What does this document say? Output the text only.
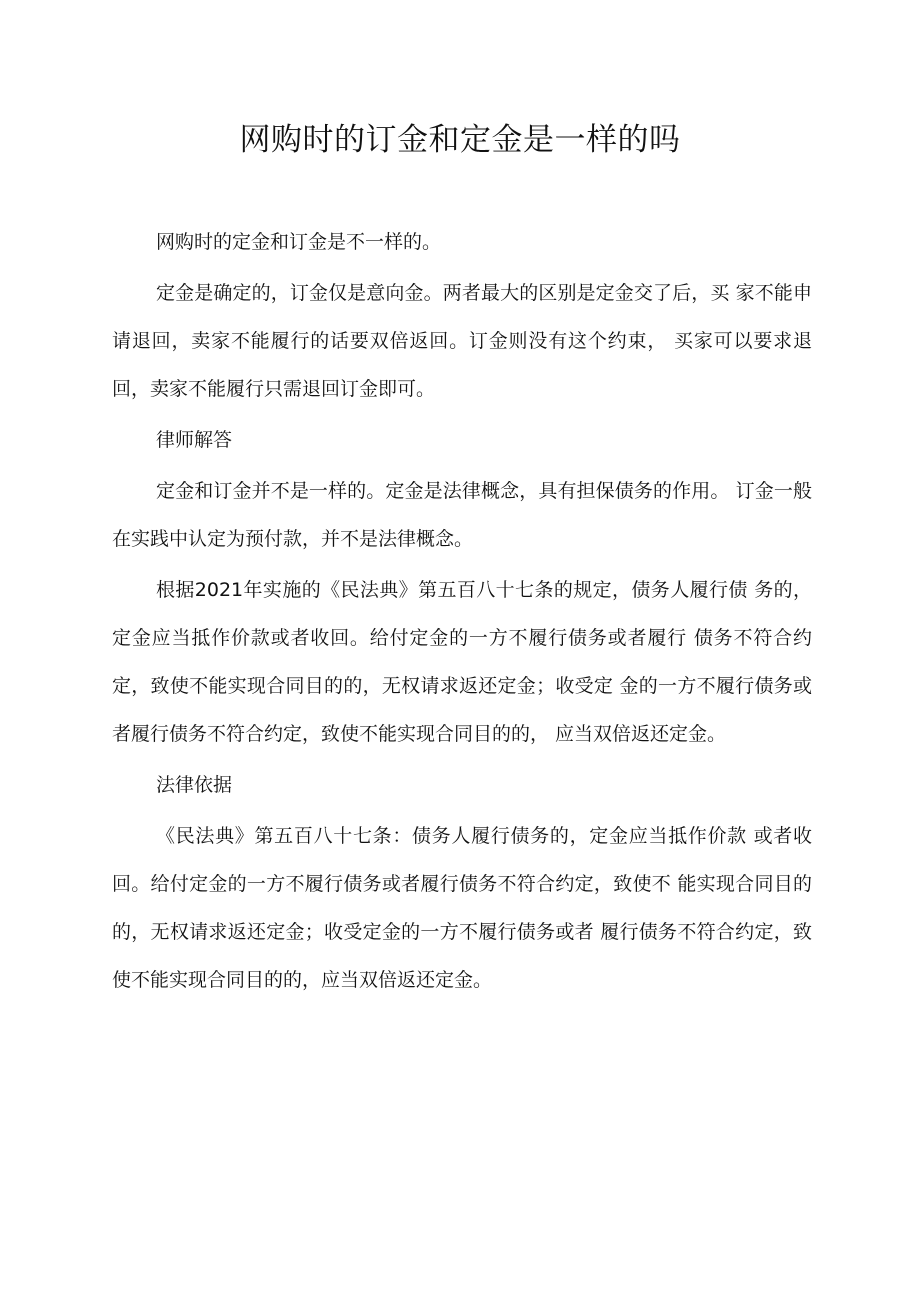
网购时的订金和定金是一样的吗

网购时的定金和订金是不一样的。

定金是确定的，订金仅是意向金。两者最大的区别是定金交了后，买 家不能申请退回，卖家不能履行的话要双倍返回。订金则没有这个约束， 买家可以要求退回，卖家不能履行只需退回订金即可。

律师解答

定金和订金并不是一样的。定金是法律概念，具有担保债务的作用。 订金一般在实践中认定为预付款，并不是法律概念。

根据2021年实施的《民法典》第五百八十七条的规定，债务人履行债 务的，定金应当抵作价款或者收回。给付定金的一方不履行债务或者履行 债务不符合约定，致使不能实现合同目的的，无权请求返还定金；收受定 金的一方不履行债务或者履行债务不符合约定，致使不能实现合同目的的， 应当双倍返还定金。

法律依据

《民法典》第五百八十七条：债务人履行债务的，定金应当抵作价款 或者收回。给付定金的一方不履行债务或者履行债务不符合约定，致使不 能实现合同目的的，无权请求返还定金；收受定金的一方不履行债务或者 履行债务不符合约定，致使不能实现合同目的的，应当双倍返还定金。
